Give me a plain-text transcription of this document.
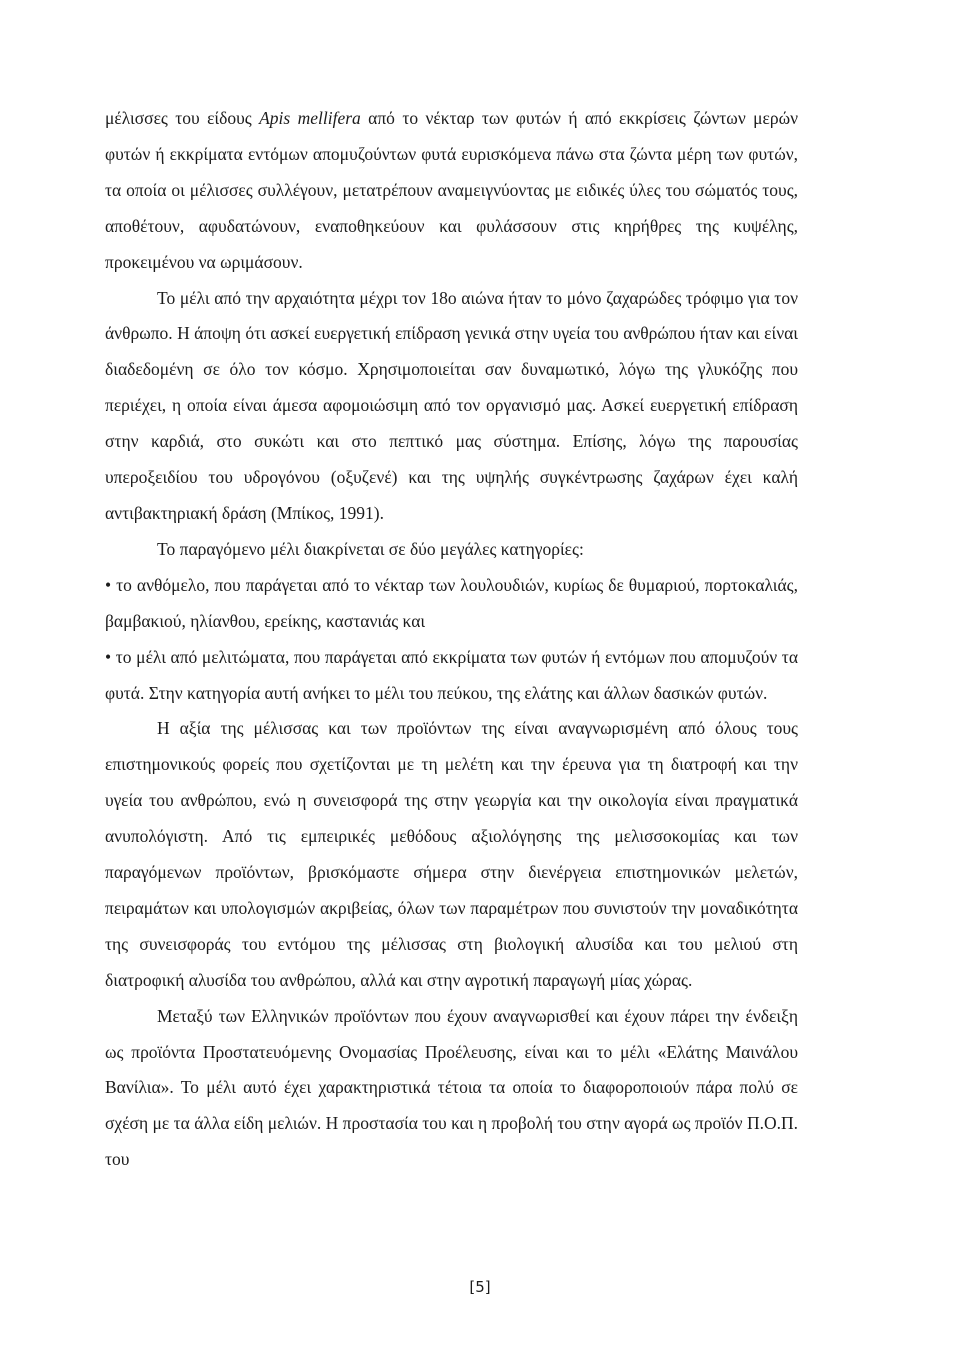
μέλισσες του είδους Apis mellifera από το νέκταρ των φυτών ή από εκκρίσεις ζώντων μερών φυτών ή εκκρίματα εντόμων απομυζούντων φυτά ευρισκόμενα πάνω στα ζώντα μέρη των φυτών, τα οποία οι μέλισσες συλλέγουν, μετατρέπουν αναμειγνύοντας με ειδικές ύλες του σώματός τους, αποθέτουν, αφυδατώνουν, εναποθηκεύουν και φυλάσσουν στις κηρήθρες της κυψέλης, προκειμένου να ωριμάσουν.

Το μέλι από την αρχαιότητα μέχρι τον 18ο αιώνα ήταν το μόνο ζαχαρώδες τρόφιμο για τον άνθρωπο. Η άποψη ότι ασκεί ευεργετική επίδραση γενικά στην υγεία του ανθρώπου ήταν και είναι διαδεδομένη σε όλο τον κόσμο. Χρησιμοποιείται σαν δυναμωτικό, λόγω της γλυκόζης που περιέχει, η οποία είναι άμεσα αφομοιώσιμη από τον οργανισμό μας. Ασκεί ευεργετική επίδραση στην καρδιά, στο συκώτι και στο πεπτικό μας σύστημα. Επίσης, λόγω της παρουσίας υπεροξειδίου του υδρογόνου (οξυζενέ) και της υψηλής συγκέντρωσης ζαχάρων έχει καλή αντιβακτηριακή δράση (Μπίκος, 1991).

Το παραγόμενο μέλι διακρίνεται σε δύο μεγάλες κατηγορίες:

• το ανθόμελο, που παράγεται από το νέκταρ των λουλουδιών, κυρίως δε θυμαριού, πορτοκαλιάς, βαμβακιού, ηλίανθου, ερείκης, καστανιάς και

• το μέλι από μελιτώματα, που παράγεται από εκκρίματα των φυτών ή εντόμων που απομυζούν τα φυτά. Στην κατηγορία αυτή ανήκει το μέλι του πεύκου, της ελάτης και άλλων δασικών φυτών.

Η αξία της μέλισσας και των προϊόντων της είναι αναγνωρισμένη από όλους τους επιστημονικούς φορείς που σχετίζονται με τη μελέτη και την έρευνα για τη διατροφή και την υγεία του ανθρώπου, ενώ η συνεισφορά της στην γεωργία και την οικολογία είναι πραγματικά ανυπολόγιστη. Από τις εμπειρικές μεθόδους αξιολόγησης της μελισσοκομίας και των παραγόμενων προϊόντων, βρισκόμαστε σήμερα στην διενέργεια επιστημονικών μελετών, πειραμάτων και υπολογισμών ακριβείας, όλων των παραμέτρων που συνιστούν την μοναδικότητα της συνεισφοράς του εντόμου της μέλισσας στη βιολογική αλυσίδα και του μελιού στη διατροφική αλυσίδα του ανθρώπου, αλλά και στην αγροτική παραγωγή μίας χώρας.

Μεταξύ των Ελληνικών προϊόντων που έχουν αναγνωρισθεί και έχουν πάρει την ένδειξη ως προϊόντα Προστατευόμενης Ονομασίας Προέλευσης, είναι και το μέλι «Ελάτης Μαινάλου Βανίλια». Το μέλι αυτό έχει χαρακτηριστικά τέτοια τα οποία το διαφοροποιούν πάρα πολύ σε σχέση με τα άλλα είδη μελιών. Η προστασία του και η προβολή του στην αγορά ως προϊόν Π.Ο.Π. του

[5]
